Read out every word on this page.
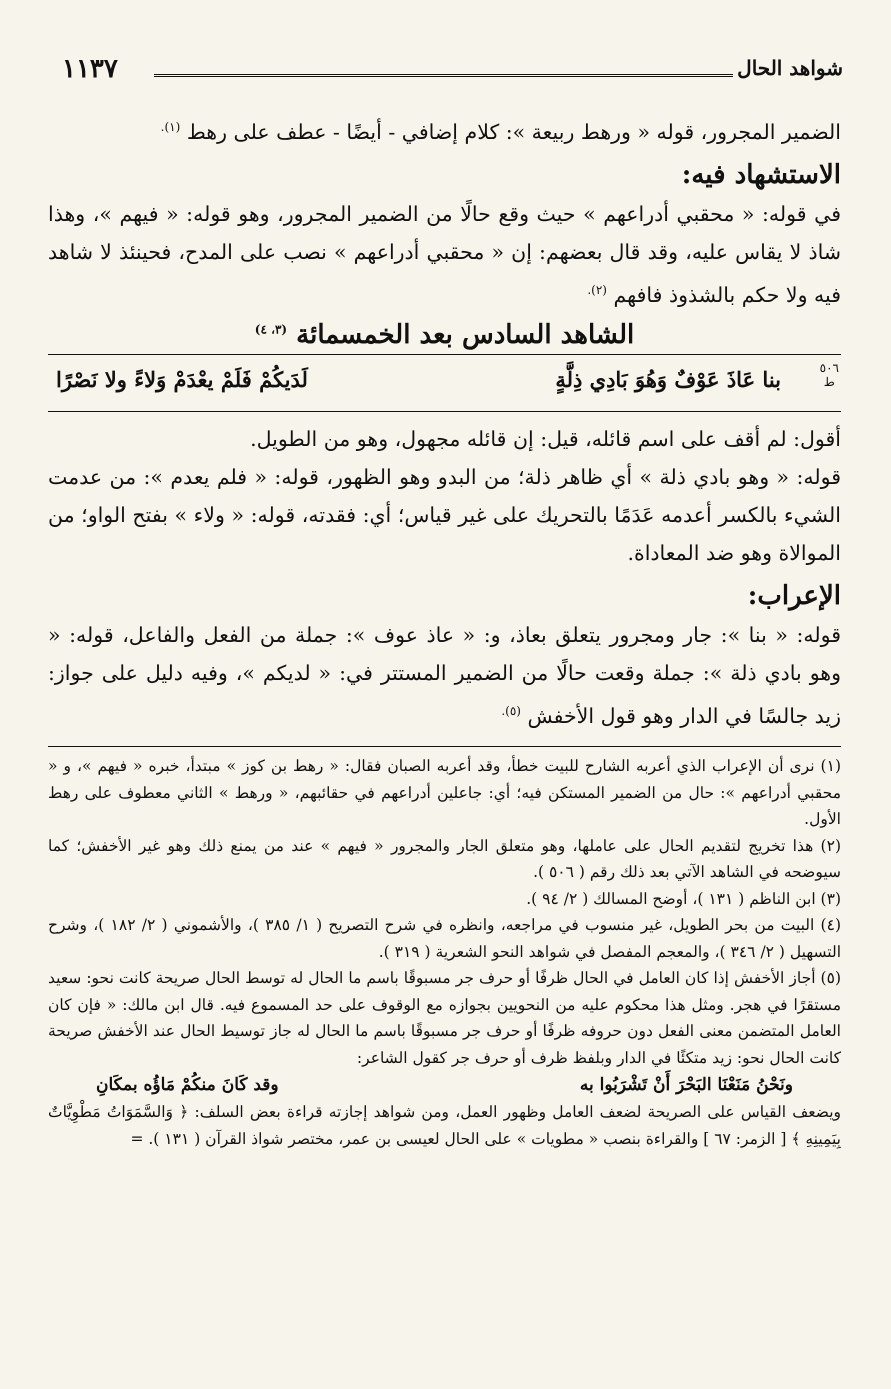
١١٣٧	شواهد الحال

الضمير المجرور، قوله « ورهط ربيعة »: كلام إضافي - أيضًا - عطف على رهط $^{(١).}$

الاستشهاد فيه:

في قوله: « محقبي أدراعهم » حيث وقع حالًا من الضمير المجرور، وهو قوله: « فيهم »، وهذا شاذ لا يقاس عليه، وقد قال بعضهم: إن « محقبي أدراعهم » نصب على المدح، فحينئذ لا شاهد فيه ولا حكم بالشذوذ فافهم $^{(٢).}$

الشاهد السادس بعد الخمسمائة $^{(٣، ٤)}$
٥٠٦
ط
بنا عَاذَ عَوْفٌ وَهُوَ بَادِي ذِلَّةٍ
لَدَيكُمْ فَلَمْ يعْدَمْ وَلاءً ولا نَصْرًا

أقول: لم أقف على اسم قائله، قيل: إن قائله مجهول، وهو من الطويل.

قوله: « وهو بادي ذلة » أي ظاهر ذلة؛ من البدو وهو الظهور، قوله: « فلم يعدم »: من عدمت الشيء بالكسر أعدمه عَدَمًا بالتحريك على غير قياس؛ أي: فقدته، قوله: « ولاء » بفتح الواو؛ من الموالاة وهو ضد المعاداة.

الإعراب:

قوله: « بنا »: جار ومجرور يتعلق بعاذ، و: « عاذ عوف »: جملة من الفعل والفاعل، قوله: « وهو بادي ذلة »: جملة وقعت حالًا من الضمير المستتر في: « لديكم »، وفيه دليل على جواز: زيد جالسًا في الدار وهو قول الأخفش $^{(٥).}$

(١) نرى أن الإعراب الذي أعربه الشارح للبيت خطأ، وقد أعربه الصبان فقال: « رهط بن كوز » مبتدأ، خبره « فيهم »، و « محقبي أدراعهم »: حال من الضمير المستكن فيه؛ أي: جاعلين أدراعهم في حقائبهم، « ورهط » الثاني معطوف على رهط الأول.

(٢) هذا تخريج لتقديم الحال على عاملها، وهو متعلق الجار والمجرور « فيهم » عند من يمنع ذلك وهو غير الأخفش؛ كما سيوضحه في الشاهد الآتي بعد ذلك رقم ( ٥٠٦ ).

(٣) ابن الناظم ( ١٣١ )، أوضح المسالك ( ٢/ ٩٤ ).

(٤) البيت من بحر الطويل، غير منسوب في مراجعه، وانظره في شرح التصريح ( ١/ ٣٨٥ )، والأشموني ( ٢/ ١٨٢ )، وشرح التسهيل ( ٢/ ٣٤٦ )، والمعجم المفصل في شواهد النحو الشعرية ( ٣١٩ ).

(٥) أجاز الأخفش إذا كان العامل في الحال ظرفًا أو حرف جر مسبوقًا باسم ما الحال له توسط الحال صريحة كانت نحو: سعيد مستقرًا في هجر. ومثل هذا محكوم عليه من النحويين بجوازه مع الوقوف على حد المسموع فيه. قال ابن مالك: « فإن كان العامل المتضمن معنى الفعل دون حروفه ظرفًا أو حرف جر مسبوقًا باسم ما الحال له جاز توسيط الحال عند الأخفش صريحة كانت الحال نحو: زيد متكئًا في الدار وبلفظ ظرف أو حرف جر كقول الشاعر:

ونَحْنُ مَنَعْنَا البَحْرَ أَنْ تَشْرَبُوا به
وقد كَانَ منكُمْ مَاؤُه بمكَانِ

ويضعف القياس على الصريحة لضعف العامل وظهور العمل، ومن شواهد إجازته قراءة بعض السلف: ﴿ وَالسَّمَوَاتُ مَطْوِيَّاتٌ بِيَمِينِهِ ﴾ [ الزمر: ٦٧ ] والقراءة بنصب « مطويات » على الحال لعيسى بن عمر، مختصر شواذ القرآن ( ١٣١ ). =
